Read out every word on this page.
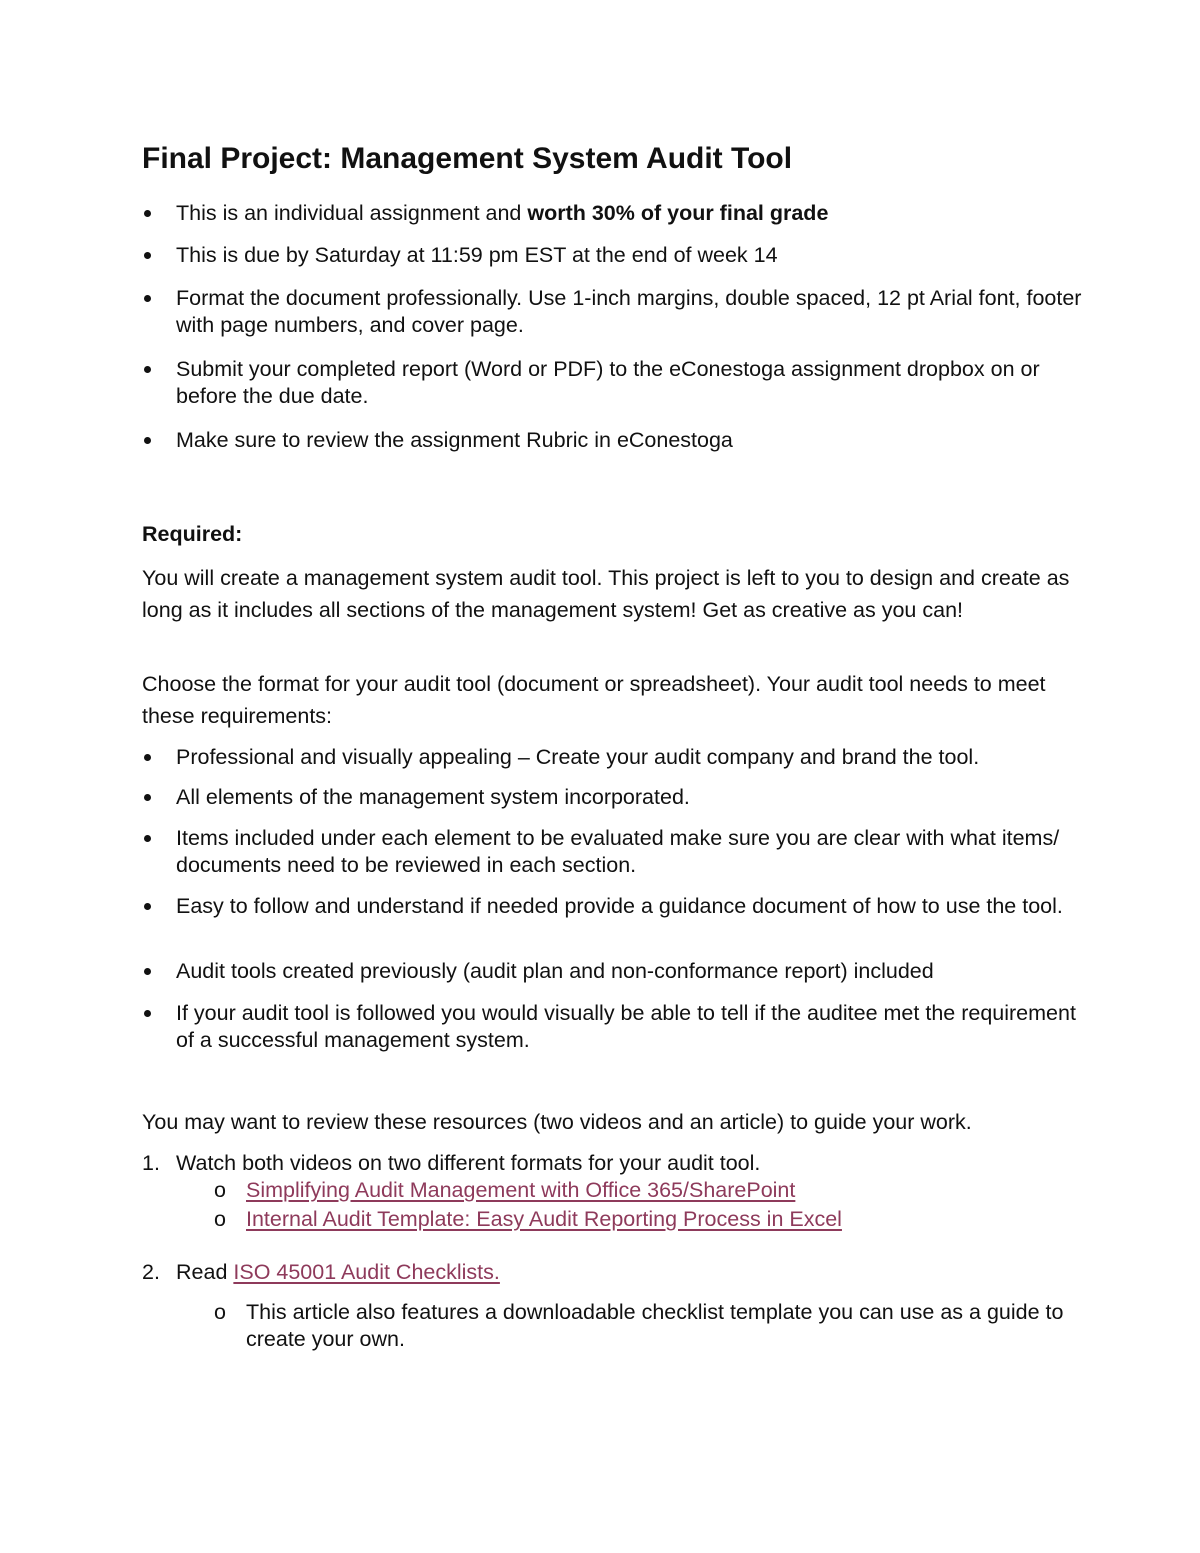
Final Project: Management System Audit Tool
This is an individual assignment and worth 30% of your final grade
This is due by Saturday at 11:59 pm EST at the end of week 14
Format the document professionally. Use 1-inch margins, double spaced, 12 pt Arial font, footer with page numbers, and cover page.
Submit your completed report (Word or PDF) to the eConestoga assignment dropbox on or before the due date.
Make sure to review the assignment Rubric in eConestoga
Required:
You will create a management system audit tool. This project is left to you to design and create as long as it includes all sections of the management system! Get as creative as you can!
Choose the format for your audit tool (document or spreadsheet). Your audit tool needs to meet these requirements:
Professional and visually appealing – Create your audit company and brand the tool.
All elements of the management system incorporated.
Items included under each element to be evaluated make sure you are clear with what items/ documents need to be reviewed in each section.
Easy to follow and understand if needed provide a guidance document of how to use the tool.
Audit tools created previously (audit plan and non-conformance report) included
If your audit tool is followed you would visually be able to tell if the auditee met the requirement of a successful management system.
You may want to review these resources (two videos and an article) to guide your work.
1. Watch both videos on two different formats for your audit tool.
o Simplifying Audit Management with Office 365/SharePoint
o Internal Audit Template: Easy Audit Reporting Process in Excel
2. Read ISO 45001 Audit Checklists.
o This article also features a downloadable checklist template you can use as a guide to create your own.
